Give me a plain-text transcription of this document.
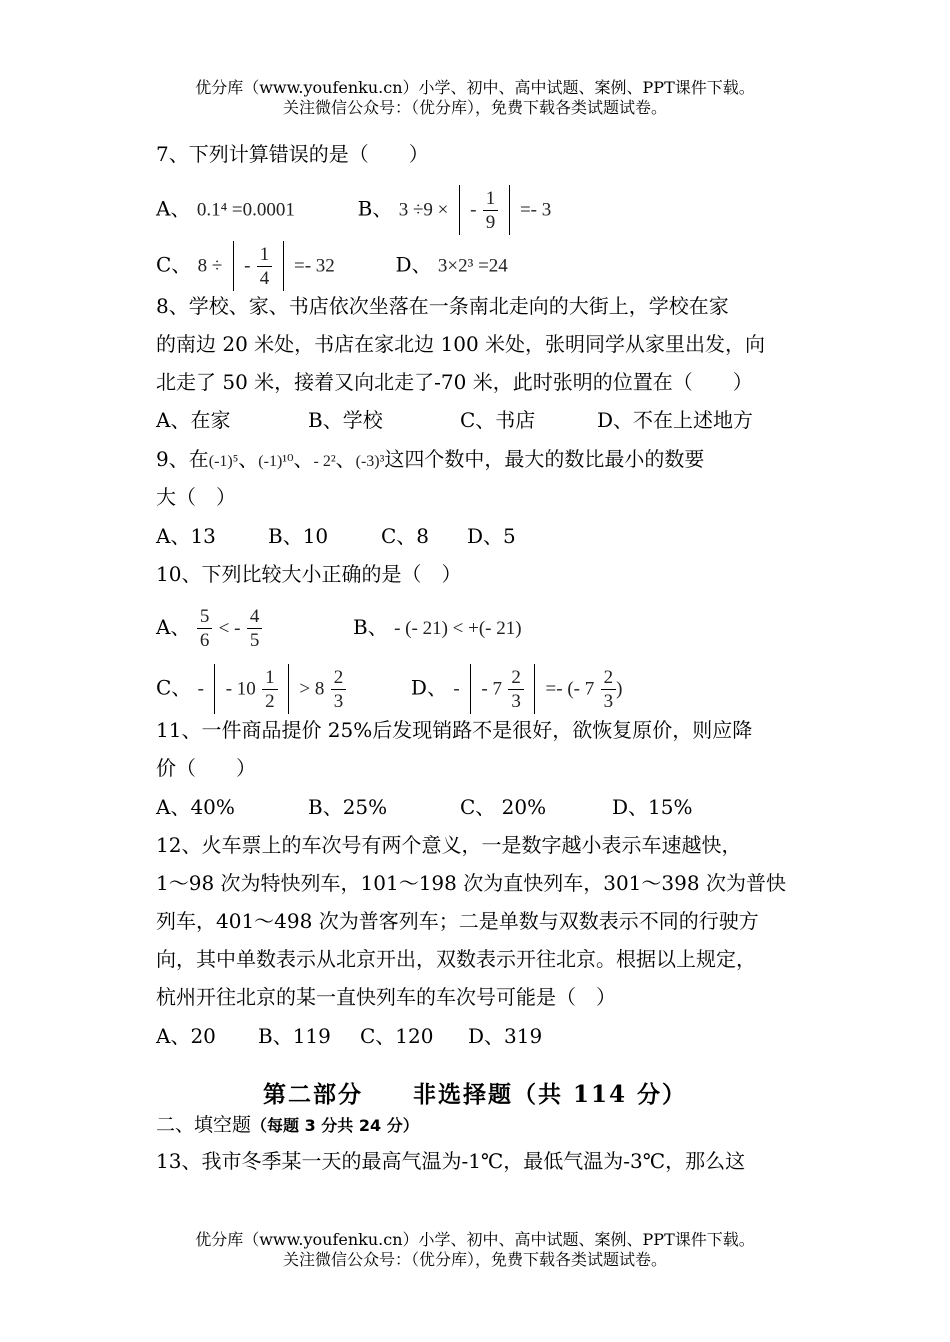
优分库（www.youfenku.cn）小学、初中、高中试题、案例、PPT课件下载。
关注微信公众号：（优分库），免费下载各类试题试卷。
7、下列计算错误的是（　　）
A、 0.1⁴ =0.0001	B、 3 ÷9 × - $\frac{1}{9} =- 3$
C、 8 ÷ - $\frac{1}{4} =- 32$	D、 3×2³ =24
8、学校、家、书店依次坐落在一条南北走向的大街上，学校在家
的南边 20 米处，书店在家北边 100 米处，张明同学从家里出发，向
北走了 50 米，接着又向北走了-70 米，此时张明的位置在（　　）
A、在家	B、学校	C、书店	D、不在上述地方
9、在(-1)⁵、(-1)¹⁰、- 2²、(-3)³这四个数中，最大的数比最小的数要
大（　）
A、13	B、10	C、8 D、5
10、下列比较大小正确的是（　）
A、 $\frac{5}{6}$ < - $\frac{4}{5}$	B、 - (- 21) < +(- 21)
C、 - - $10 \frac{1}{2} > 8 \frac{2}{3}$	D、 - - $7 \frac{2}{3}$ =- (- $7 \frac{2}{3}$ )
11、一件商品提价 25%后发现销路不是很好，欲恢复原价，则应降
价（　　）
A、40%	B、25%	C、 20%	D、15%
12、火车票上的车次号有两个意义，一是数字越小表示车速越快，
1～98 次为特快列车，101～198 次为直快列车，301～398 次为普快
列车，401～498 次为普客列车；二是单数与双数表示不同的行驶方
向，其中单数表示从北京开出，双数表示开往北京。根据以上规定，
杭州开往北京的某一直快列车的车次号可能是（　）
A、20 B、119 C、120 D、319
第二部分　　非选择题（共 114 分）
二、填空题（每题 3 分共 24 分）
13、我市冬季某一天的最高气温为-1℃，最低气温为-3℃，那么这
优分库（www.youfenku.cn）小学、初中、高中试题、案例、PPT课件下载。
关注微信公众号：（优分库），免费下载各类试题试卷。
